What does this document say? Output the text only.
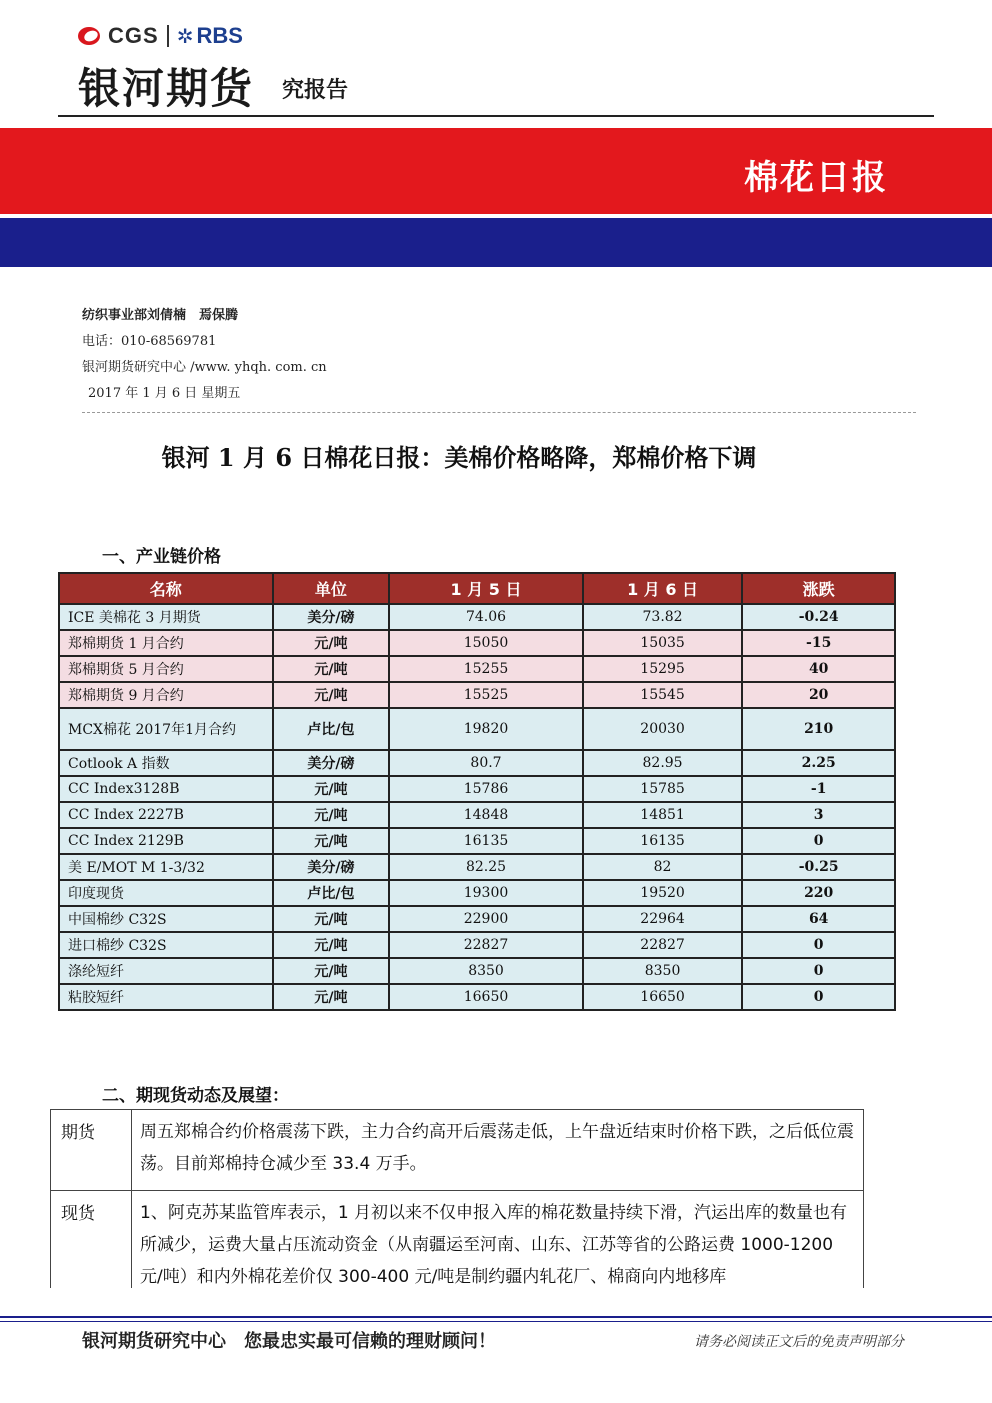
CGS ✲ RBS
银河期货 究报告
棉花日报
纺织事业部刘倩楠　焉保腾
电话：010-68569781
银河期货研究中心 /www. yhqh. com. cn
2017 年 1 月 6 日 星期五
银河 1 月 6 日棉花日报：美棉价格略降，郑棉价格下调
一、产业链价格
名称	单位	1 月 5 日	1 月 6 日	涨跌
ICE 美棉花 3 月期货	美分/磅	74.06	73.82	-0.24
郑棉期货 1 月合约	元/吨	15050	15035	-15
郑棉期货 5 月合约	元/吨	15255	15295	40
郑棉期货 9 月合约	元/吨	15525	15545	20
MCX棉花 2017年1月合约	卢比/包	19820	20030	210
Cotlook A 指数	美分/磅	80.7	82.95	2.25
CC Index3128B	元/吨	15786	15785	-1
CC Index 2227B	元/吨	14848	14851	3
CC Index 2129B	元/吨	16135	16135	0
美 E/MOT M 1-3/32	美分/磅	82.25	82	-0.25
印度现货	卢比/包	19300	19520	220
中国棉纱 C32S	元/吨	22900	22964	64
进口棉纱 C32S	元/吨	22827	22827	0
涤纶短纤	元/吨	8350	8350	0
粘胶短纤	元/吨	16650	16650	0
二、期现货动态及展望：
期货	周五郑棉合约价格震荡下跌，主力合约高开后震荡走低，上午盘近结束时价格下跌，之后低位震荡。目前郑棉持仓减少至 33.4 万手。
现货	1、阿克苏某监管库表示，1 月初以来不仅申报入库的棉花数量持续下滑，汽运出库的数量也有所减少，运费大量占压流动资金（从南疆运至河南、山东、江苏等省的公路运费 1000-1200 元/吨）和内外棉花差价仅 300-400 元/吨是制约疆内轧花厂、棉商向内地移库
银河期货研究中心　您最忠实最可信赖的理财顾问！	请务必阅读正文后的免责声明部分
